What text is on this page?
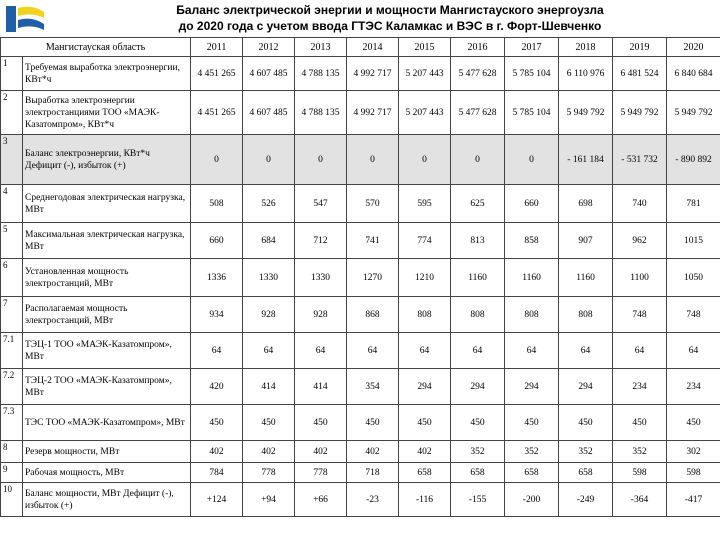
Баланс электрической энергии и мощности Мангистауского энергоузла
до 2020 года с учетом ввода ГТЭС Каламкас и ВЭС в г. Форт-Шевченко
Мангистауская область		2011	2012	2013	2014	2015	2016	2017	2018	2019	2020
1	Требуемая выработка электроэнергии, КВт*ч	4 451 265	4 607 485	4 788 135	4 992 717	5 207 443	5 477 628	5 785 104	6 110 976	6 481 524	6 840 684
2	Выработка электроэнергии электростанциями ТОО «МАЭК-Казатомпром», КВт*ч	4 451 265	4 607 485	4 788 135	4 992 717	5 207 443	5 477 628	5 785 104	5 949 792	5 949 792	5 949 792
3	Баланс электроэнергии, КВт*ч Дефицит (-), избыток (+)	0	0	0	0	0	0	0	- 161 184	- 531 732	- 890 892
4	Среднегодовая электрическая нагрузка, МВт	508	526	547	570	595	625	660	698	740	781
5	Максимальная электрическая нагрузка, МВт	660	684	712	741	774	813	858	907	962	1015
6	Установленная мощность электростанций, МВт	1336	1330	1330	1270	1210	1160	1160	1160	1100	1050
7	Располагаемая мощность электростанций, МВт	934	928	928	868	808	808	808	808	748	748
7.1	ТЭЦ-1 ТОО «МАЭК-Казатомпром», МВт	64	64	64	64	64	64	64	64	64	64
7.2	ТЭЦ-2 ТОО «МАЭК-Казатомпром», МВт	420	414	414	354	294	294	294	294	234	234
7.3	ТЭС ТОО «МАЭК-Казатомпром», МВт	450	450	450	450	450	450	450	450	450	450
8	Резерв мощности, МВт	402	402	402	402	402	352	352	352	352	302
9	Рабочая мощность, МВт	784	778	778	718	658	658	658	658	598	598
10	Баланс мощности, МВт Дефицит (-), избыток (+)	+124	+94	+66	-23	-116	-155	-200	-249	-364	-417
